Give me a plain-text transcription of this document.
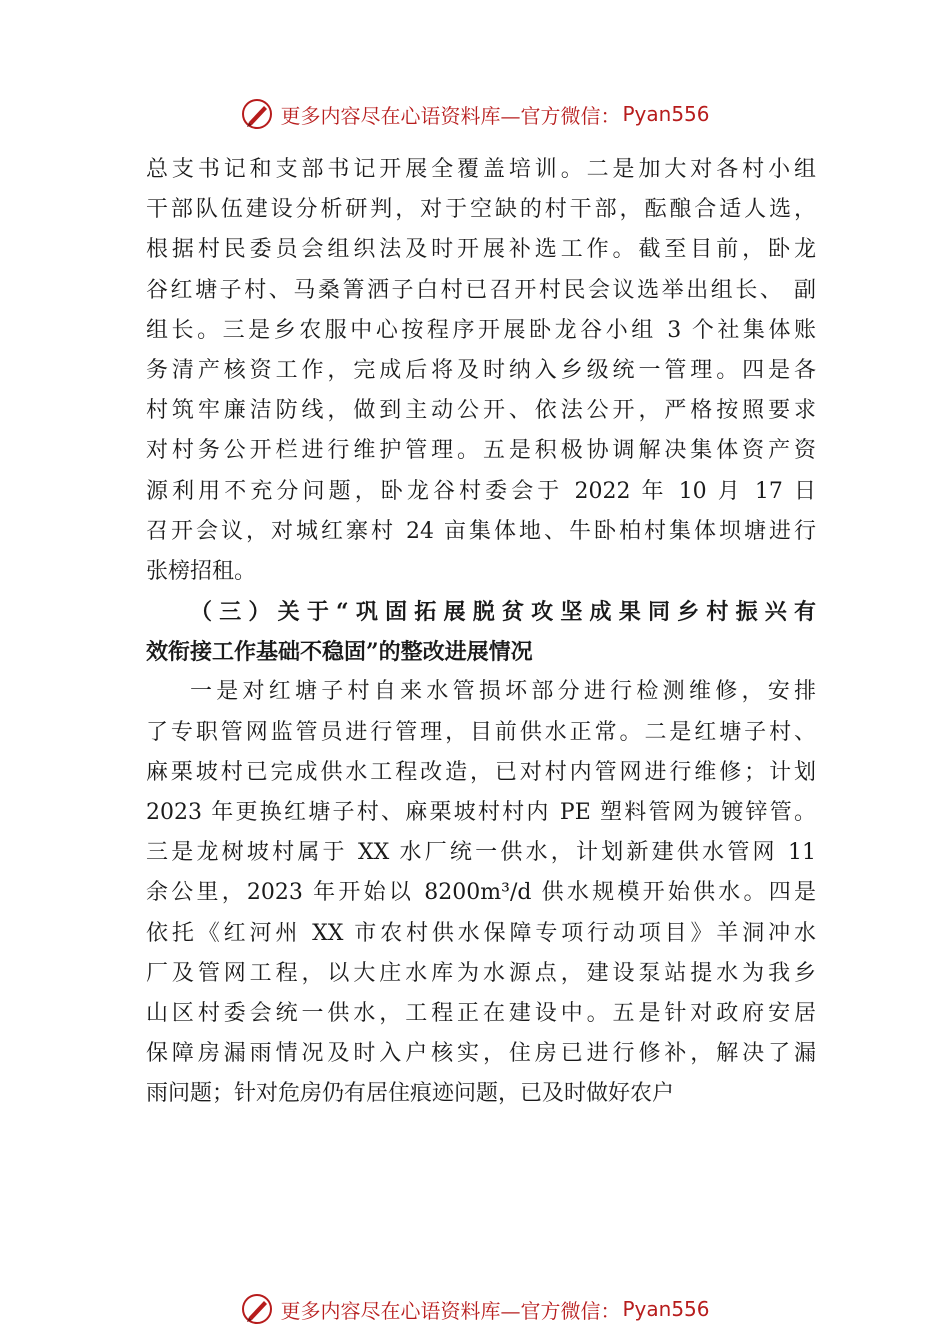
更多内容尽在心语资料库—官方微信： Pyan556

总支书记和支部书记开展全覆盖培训。二是加大对各村小组
干部队伍建设分析研判，对于空缺的村干部，酝酿合适人选，
根据村民委员会组织法及时开展补选工作。截至目前，卧龙
谷红塘子村、马桑箐洒子白村已召开村民会议选举出组长、 副
组长。三是乡农服中心按程序开展卧龙谷小组 3 个社集体账
务清产核资工作，完成后将及时纳入乡级统一管理。四是各
村筑牢廉洁防线，做到主动公开、依法公开，严格按照要求
对村务公开栏进行维护管理。五是积极协调解决集体资产资
源利用不充分问题，卧龙谷村委会于 2022 年 10 月 17 日
召开会议，对城红寨村 24 亩集体地、牛卧柏村集体坝塘进行
张榜招租。

（三）关于“巩固拓展脱贫攻坚成果同乡村振兴有
效衔接工作基础不稳固”的整改进展情况

一是对红塘子村自来水管损坏部分进行检测维修，安排
了专职管网监管员进行管理，目前供水正常。二是红塘子村、
麻栗坡村已完成供水工程改造，已对村内管网进行维修；计划
2023 年更换红塘子村、麻栗坡村村内 PE 塑料管网为镀锌管。
三是龙树坡村属于 XX 水厂统一供水，计划新建供水管网 11
余公里，2023 年开始以 8200m³/d 供水规模开始供水。四是
依托《红河州 XX 市农村供水保障专项行动项目》羊洞冲水
厂及管网工程，以大庄水库为水源点，建设泵站提水为我乡
山区村委会统一供水，工程正在建设中。五是针对政府安居
保障房漏雨情况及时入户核实，住房已进行修补，解决了漏
雨问题；针对危房仍有居住痕迹问题，已及时做好农户

更多内容尽在心语资料库—官方微信： Pyan556
